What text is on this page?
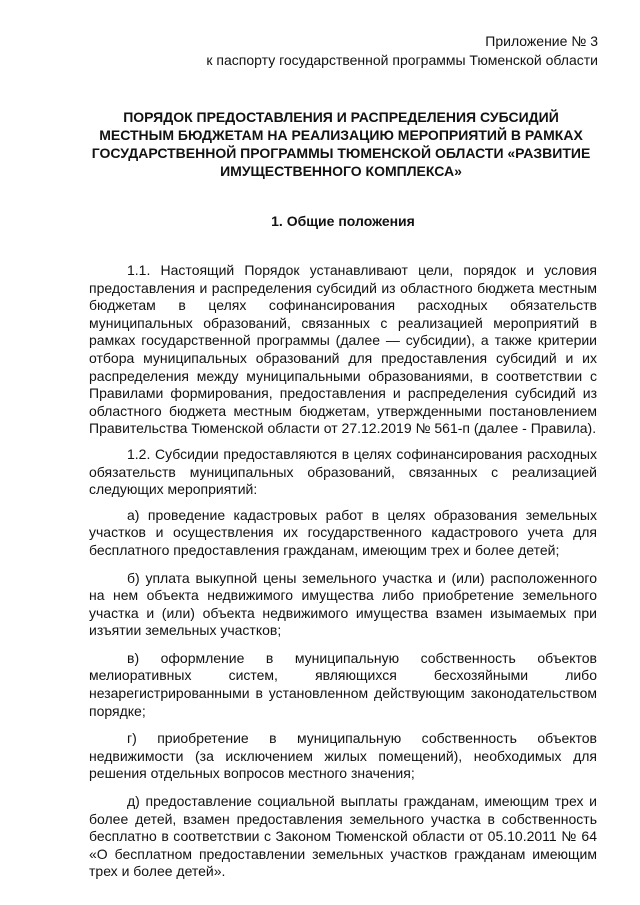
Приложение № 3
к паспорту государственной программы Тюменской области
ПОРЯДОК ПРЕДОСТАВЛЕНИЯ И РАСПРЕДЕЛЕНИЯ СУБСИДИЙ
МЕСТНЫМ БЮДЖЕТАМ НА РЕАЛИЗАЦИЮ МЕРОПРИЯТИЙ В РАМКАХ
ГОСУДАРСТВЕННОЙ ПРОГРАММЫ ТЮМЕНСКОЙ ОБЛАСТИ «РАЗВИТИЕ
ИМУЩЕСТВЕННОГО КОМПЛЕКСА»
1. Общие положения

1.1. Настоящий Порядок устанавливают цели, порядок и условия предоставления и распределения субсидий из областного бюджета местным бюджетам в целях софинансирования расходных обязательств муниципальных образований, связанных с реализацией мероприятий в рамках государственной программы (далее — субсидии), а также критерии отбора муниципальных образований для предоставления субсидий и их распределения между муниципальными образованиями, в соответствии с Правилами формирования, предоставления и распределения субсидий из областного бюджета местным бюджетам, утвержденными постановлением Правительства Тюменской области от 27.12.2019 № 561-п (далее - Правила).

1.2. Субсидии предоставляются в целях софинансирования расходных обязательств муниципальных образований, связанных с реализацией следующих мероприятий:

а) проведение кадастровых работ в целях образования земельных участков и осуществления их государственного кадастрового учета для бесплатного предоставления гражданам, имеющим трех и более детей;

б) уплата выкупной цены земельного участка и (или) расположенного на нем объекта недвижимого имущества либо приобретение земельного участка и (или) объекта недвижимого имущества взамен изымаемых при изъятии земельных участков;

в) оформление в муниципальную собственность объектов мелиоративных систем, являющихся бесхозяйными либо незарегистрированными в установленном действующим законодательством порядке;

г) приобретение в муниципальную собственность объектов недвижимости (за исключением жилых помещений), необходимых для решения отдельных вопросов местного значения;

д) предоставление социальной выплаты гражданам, имеющим трех и более детей, взамен предоставления земельного участка в собственность бесплатно в соответствии с Законом Тюменской области от 05.10.2011 № 64 «О бесплатном предоставлении земельных участков гражданам имеющим трех и более детей».
